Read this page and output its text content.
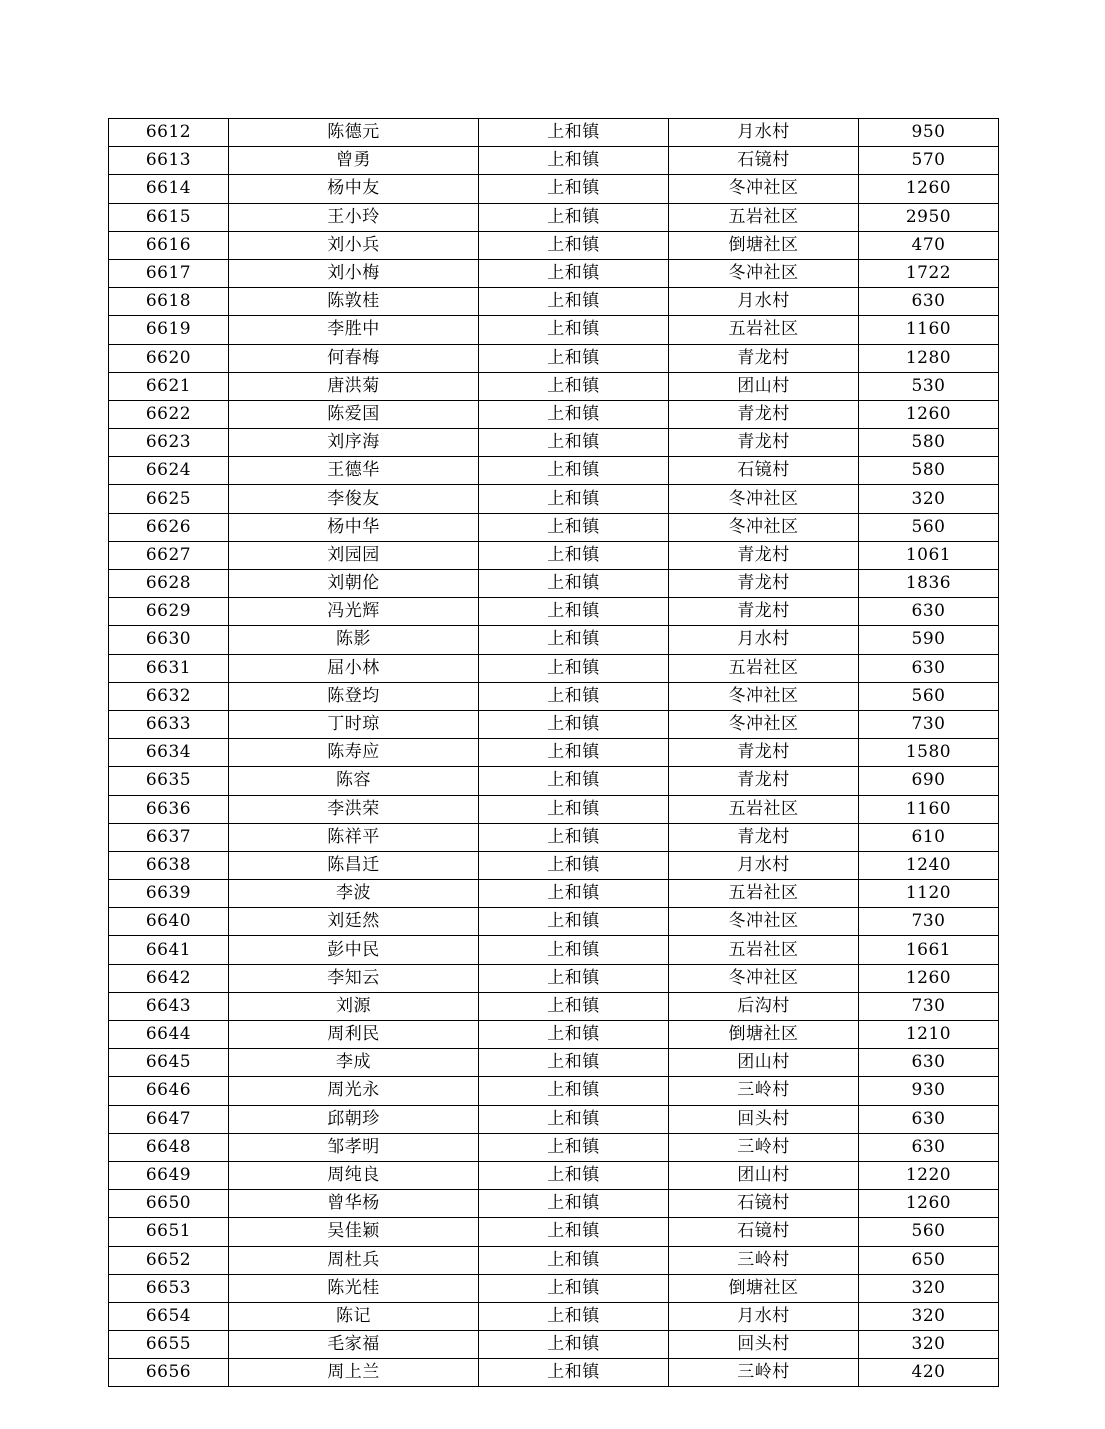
6612	陈德元	上和镇	月水村	950
6613	曾勇	上和镇	石镜村	570
6614	杨中友	上和镇	冬冲社区	1260
6615	王小玲	上和镇	五岩社区	2950
6616	刘小兵	上和镇	倒塘社区	470
6617	刘小梅	上和镇	冬冲社区	1722
6618	陈敦桂	上和镇	月水村	630
6619	李胜中	上和镇	五岩社区	1160
6620	何春梅	上和镇	青龙村	1280
6621	唐洪菊	上和镇	团山村	530
6622	陈爱国	上和镇	青龙村	1260
6623	刘序海	上和镇	青龙村	580
6624	王德华	上和镇	石镜村	580
6625	李俊友	上和镇	冬冲社区	320
6626	杨中华	上和镇	冬冲社区	560
6627	刘园园	上和镇	青龙村	1061
6628	刘朝伦	上和镇	青龙村	1836
6629	冯光辉	上和镇	青龙村	630
6630	陈影	上和镇	月水村	590
6631	屈小林	上和镇	五岩社区	630
6632	陈登均	上和镇	冬冲社区	560
6633	丁时琼	上和镇	冬冲社区	730
6634	陈寿应	上和镇	青龙村	1580
6635	陈容	上和镇	青龙村	690
6636	李洪荣	上和镇	五岩社区	1160
6637	陈祥平	上和镇	青龙村	610
6638	陈昌迁	上和镇	月水村	1240
6639	李波	上和镇	五岩社区	1120
6640	刘廷然	上和镇	冬冲社区	730
6641	彭中民	上和镇	五岩社区	1661
6642	李知云	上和镇	冬冲社区	1260
6643	刘源	上和镇	后沟村	730
6644	周利民	上和镇	倒塘社区	1210
6645	李成	上和镇	团山村	630
6646	周光永	上和镇	三岭村	930
6647	邱朝珍	上和镇	回头村	630
6648	邹孝明	上和镇	三岭村	630
6649	周纯良	上和镇	团山村	1220
6650	曾华杨	上和镇	石镜村	1260
6651	吴佳颖	上和镇	石镜村	560
6652	周杜兵	上和镇	三岭村	650
6653	陈光桂	上和镇	倒塘社区	320
6654	陈记	上和镇	月水村	320
6655	毛家福	上和镇	回头村	320
6656	周上兰	上和镇	三岭村	420
